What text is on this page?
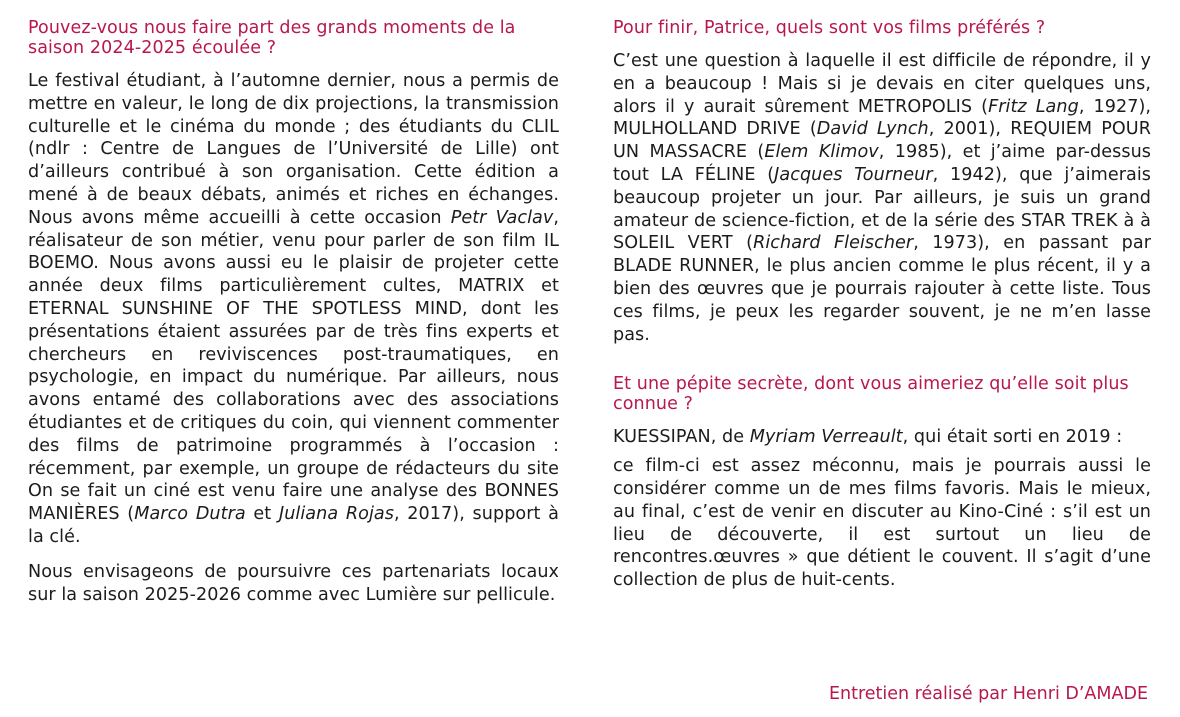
Pouvez-vous nous faire part des grands moments de la saison 2024-2025 écoulée ?

Le festival étudiant, à l’automne dernier, nous a permis de mettre en valeur, le long de dix projections, la transmission culturelle et le cinéma du monde ; des étudiants du CLIL (ndlr : Centre de Langues de l’Université de Lille) ont d’ailleurs contribué à son organisation. Cette édition a mené à de beaux débats, animés et riches en échanges. Nous avons même accueilli à cette occasion Petr Vaclav, réalisateur de son métier, venu pour parler de son film IL BOEMO. Nous avons aussi eu le plaisir de projeter cette année deux films particulièrement cultes, MATRIX et ETERNAL SUNSHINE OF THE SPOTLESS MIND, dont les présentations étaient assurées par de très fins experts et chercheurs en reviviscences post-traumatiques, en psychologie, en impact du numérique. Par ailleurs, nous avons entamé des collaborations avec des associations étudiantes et de critiques du coin, qui viennent commenter des films de patrimoine programmés à l’occasion : récemment, par exemple, un groupe de rédacteurs du site On se fait un ciné est venu faire une analyse des BONNES MANIÈRES (Marco Dutra et Juliana Rojas, 2017), support à la clé.

Nous envisageons de poursuivre ces partenariats locaux sur la saison 2025-2026 comme avec Lumière sur pellicule.

Pour finir, Patrice, quels sont vos films préférés ?

C’est une question à laquelle il est difficile de répondre, il y en a beaucoup ! Mais si je devais en citer quelques uns, alors il y aurait sûrement METROPOLIS (Fritz Lang, 1927), MULHOLLAND DRIVE (David Lynch, 2001), REQUIEM POUR UN MASSACRE (Elem Klimov, 1985), et j’aime par-dessus tout LA FÉLINE (Jacques Tourneur, 1942), que j’aimerais beaucoup projeter un jour. Par ailleurs, je suis un grand amateur de science-fiction, et de la série des STAR TREK à à SOLEIL VERT (Richard Fleischer, 1973), en passant par BLADE RUNNER, le plus ancien comme le plus récent, il y a bien des œuvres que je pourrais rajouter à cette liste. Tous ces films, je peux les regarder souvent, je ne m’en lasse pas.

Et une pépite secrète, dont vous aimeriez qu’elle soit plus connue ?

KUESSIPAN, de Myriam Verreault, qui était sorti en 2019 :

ce film-ci est assez méconnu, mais je pourrais aussi le considérer comme un de mes films favoris. Mais le mieux, au final, c’est de venir en discuter au Kino-Ciné : s’il est un lieu de découverte, il est surtout un lieu de rencontres.œuvres » que détient le couvent. Il s’agit d’une collection de plus de huit-cents.

Entretien réalisé par Henri D’AMADE
